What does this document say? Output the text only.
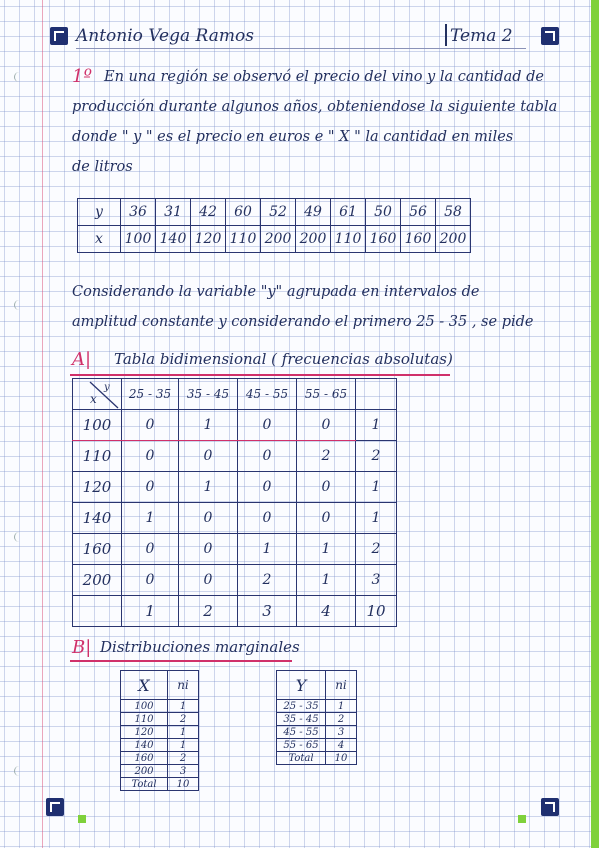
Antonio Vega Ramos	Tema 2
1º En una región se observó el precio del vino y la cantidad de
producción durante algunos años, obteniendose la siguiente tabla
donde " y " es el precio en euros e " X " la cantidad en miles
de litros
y	36	31	42	60	52	49	61	50	56	58
x	100	140	120	110	200	200	110	160	160	200
Considerando la variable "y" agrupada en intervalos de
amplitud constante y considerando el primero 25 - 35 , se pide
A| Tabla bidimensional ( frecuencias absolutas)
x
y
	25 - 35	35 - 45	45 - 55	55 - 65	
100	0	1	0	0	1
110	0	0	0	2	2
120	0	1	0	0	1
140	1	0	0	0	1
160	0	0	1	1	2
200	0	0	2	1	3
	1	2	3	4	10
B| Distribuciones marginales
X	ni
100	1
110	2
120	1
140	1
160	2
200	3
Total	10
Y	ni
25 - 35	1
35 - 45	2
45 - 55	3
55 - 65	4
Total	10
